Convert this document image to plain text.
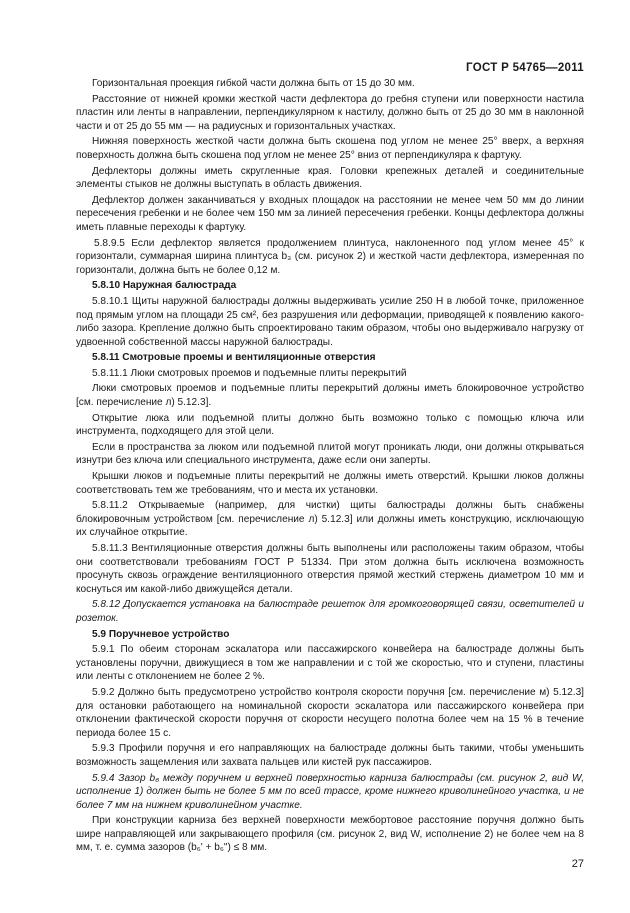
ГОСТ Р 54765—2011

Горизонтальная проекция гибкой части должна быть от 15 до 30 мм.

Расстояние от нижней кромки жесткой части дефлектора до гребня ступени или поверхности настила пластин или ленты в направлении, перпендикулярном к настилу, должно быть от 25 до 30 мм в наклонной части и от 25 до 55 мм — на радиусных и горизонтальных участках.

Нижняя поверхность жесткой части должна быть скошена под углом не менее 25° вверх, а верхняя поверхность должна быть скошена под углом не менее 25° вниз от перпендикуляра к фартуку.

Дефлекторы должны иметь скругленные края. Головки крепежных деталей и соединительные элементы стыков не должны выступать в область движения.

Дефлектор должен заканчиваться у входных площадок на расстоянии не менее чем 50 мм до линии пересечения гребенки и не более чем 150 мм за линией пересечения гребенки. Концы дефлектора должны иметь плавные переходы к фартуку.

5.8.9.5 Если дефлектор является продолжением плинтуса, наклоненного под углом менее 45° к горизонтали, суммарная ширина плинтуса b₃ (см. рисунок 2) и жесткой части дефлектора, измеренная по горизонтали, должна быть не более 0,12 м.

5.8.10 Наружная балюстрада

5.8.10.1 Щиты наружной балюстрады должны выдерживать усилие 250 Н в любой точке, приложенное под прямым углом на площади 25 см², без разрушения или деформации, приводящей к появлению какого-либо зазора. Крепление должно быть спроектировано таким образом, чтобы оно выдерживало нагрузку от удвоенной собственной массы наружной балюстрады.

5.8.11 Смотровые проемы и вентиляционные отверстия

5.8.11.1 Люки смотровых проемов и подъемные плиты перекрытий

Люки смотровых проемов и подъемные плиты перекрытий должны иметь блокировочное устройство [см. перечисление л) 5.12.3].

Открытие люка или подъемной плиты должно быть возможно только с помощью ключа или инструмента, подходящего для этой цели.

Если в пространства за люком или подъемной плитой могут проникать люди, они должны открываться изнутри без ключа или специального инструмента, даже если они заперты.

Крышки люков и подъемные плиты перекрытий не должны иметь отверстий. Крышки люков должны соответствовать тем же требованиям, что и места их установки.

5.8.11.2 Открываемые (например, для чистки) щиты балюстрады должны быть снабжены блокировочным устройством [см. перечисление л) 5.12.3] или должны иметь конструкцию, исключающую их случайное открытие.

5.8.11.3 Вентиляционные отверстия должны быть выполнены или расположены таким образом, чтобы они соответствовали требованиям ГОСТ Р 51334. При этом должна быть исключена возможность просунуть сквозь ограждение вентиляционного отверстия прямой жесткий стержень диаметром 10 мм и коснуться им какой-либо движущейся детали.

5.8.12 Допускается установка на балюстраде решеток для громкоговорящей связи, осветителей и розеток.

5.9 Поручневое устройство

5.9.1 По обеим сторонам эскалатора или пассажирского конвейера на балюстраде должны быть установлены поручни, движущиеся в том же направлении и с той же скоростью, что и ступени, пластины или ленты с отклонением не более 2 %.

5.9.2 Должно быть предусмотрено устройство контроля скорости поручня [см. перечисление м) 5.12.3] для остановки работающего на номинальной скорости эскалатора или пассажирского конвейера при отклонении фактической скорости поручня от скорости несущего полотна более чем на 15 % в течение периода более 15 с.

5.9.3 Профили поручня и его направляющих на балюстраде должны быть такими, чтобы уменьшить возможность защемления или захвата пальцев или кистей рук пассажиров.

5.9.4 Зазор b₆ между поручнем и верхней поверхностью карниза балюстрады (см. рисунок 2, вид W, исполнение 1) должен быть не более 5 мм по всей трассе, кроме нижнего криволинейного участка, и не более 7 мм на нижнем криволинейном участке.

При конструкции карниза без верхней поверхности межбортовое расстояние поручня должно быть шире направляющей или закрывающего профиля (см. рисунок 2, вид W, исполнение 2) не более чем на 8 мм, т. е. сумма зазоров (b₆' + b₆") ≤ 8 мм.

27
